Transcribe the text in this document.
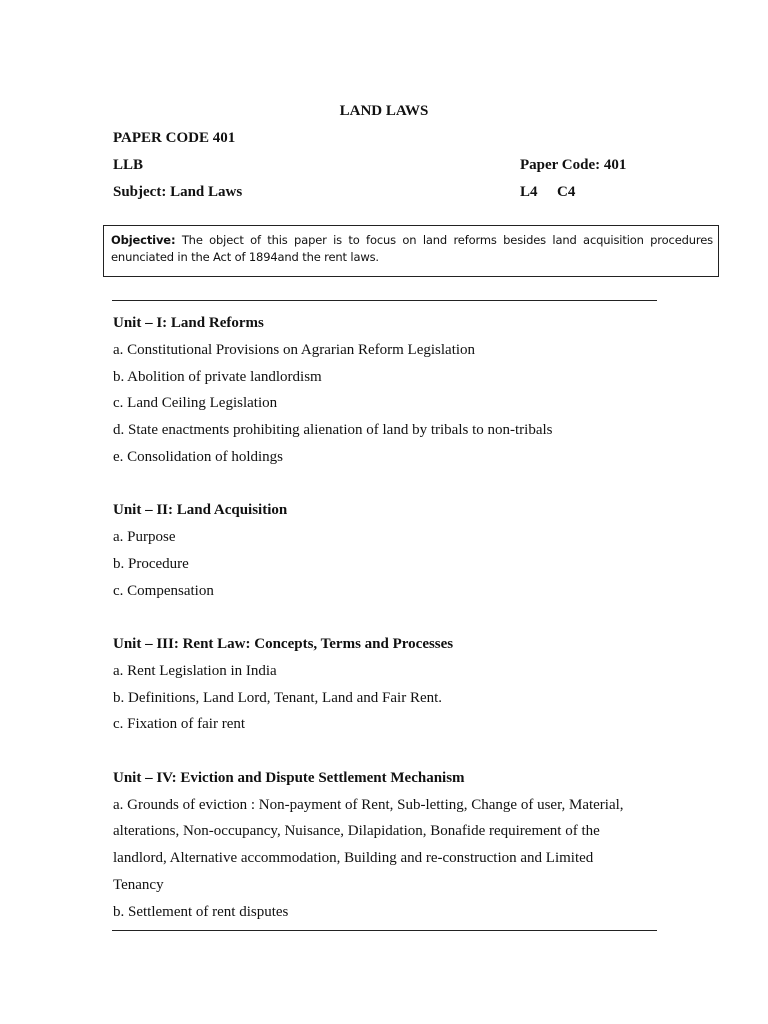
LAND LAWS
PAPER CODE 401
LLB	Paper Code: 401
Subject: Land Laws	L4 C4
Objective: The object of this paper is to focus on land reforms besides land acquisition procedures enunciated in the Act of 1894and the rent laws.
Unit – I: Land Reforms
a. Constitutional Provisions on Agrarian Reform Legislation
b. Abolition of private landlordism
c. Land Ceiling Legislation
d. State enactments prohibiting alienation of land by tribals to non-tribals
e. Consolidation of holdings
Unit – II: Land Acquisition
a. Purpose
b. Procedure
c. Compensation
Unit – III: Rent Law: Concepts, Terms and Processes
a. Rent Legislation in India
b. Definitions, Land Lord, Tenant, Land and Fair Rent.
c. Fixation of fair rent
Unit – IV: Eviction and Dispute Settlement Mechanism
a. Grounds of eviction : Non-payment of Rent, Sub-letting, Change of user, Material,
alterations, Non-occupancy, Nuisance, Dilapidation, Bonafide requirement of the
landlord, Alternative accommodation, Building and re-construction and Limited
Tenancy
b. Settlement of rent disputes
